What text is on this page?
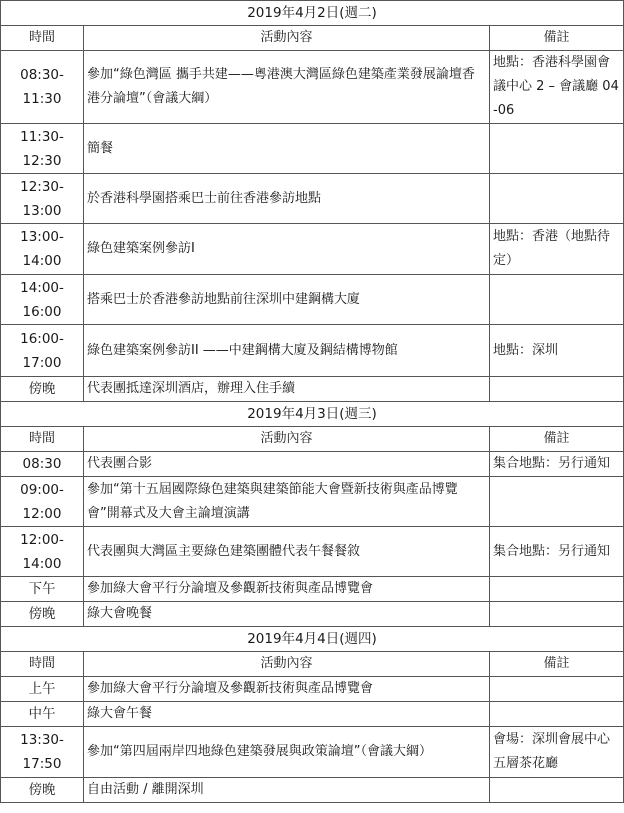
2019年4月2日(週二)		
時間	活動內容	備註
08:30-
11:30	參加“綠色灣區 攜手共建——粵港澳大灣區綠色建築產業發展論壇香港分論壇”（會議大綱）	地點：香港科學園會議中心 2 – 會議廳 04-06
11:30-
12:30	簡餐	
12:30-
13:00	於香港科學園搭乘巴士前往香港參訪地點	
13:00-
14:00	綠色建築案例參訪I	地點：香港（地點待定）
14:00-
16:00	搭乘巴士於香港參訪地點前往深圳中建鋼構大廈	
16:00-
17:00	綠色建築案例參訪II ——中建鋼構大廈及鋼結構博物館	地點：深圳
傍晚	代表團抵達深圳酒店，辦理入住手續	
2019年4月3日(週三)		
時間	活動內容	備註
08:30	代表團合影	集合地點：另行通知
09:00-
12:00	參加“第十五屆國際綠色建築與建築節能大會暨新技術與產品博覽會”開幕式及大會主論壇演講	
12:00-
14:00	代表團與大灣區主要綠色建築團體代表午餐餐敘	集合地點：另行通知
下午	參加綠大會平行分論壇及參觀新技術與產品博覽會	
傍晚	綠大會晚餐	
2019年4月4日(週四)		
時間	活動內容	備註
上午	參加綠大會平行分論壇及參觀新技術與產品博覽會	
中午	綠大會午餐	
13:30-
17:50	參加“第四屆兩岸四地綠色建築發展與政策論壇”（會議大綱）	會場：深圳會展中心五層茶花廳
傍晚	自由活動 / 離開深圳	
